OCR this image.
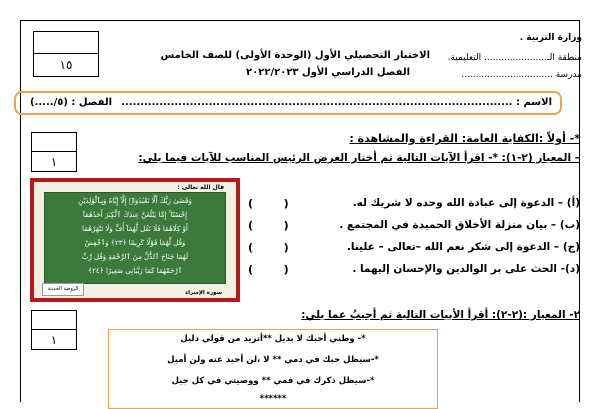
١٥
وزارة التربية .
منطقة الـ...................... التعليمية.
مدرسة ................................
الاختبار التحصيلي الأول (الوحدة الأولى) للصف الخامس
الفصل الدراسي الأول ٢٠٢٢/٢٠٢٣
الاسم : .......................................................................................................
الفصل : (٥/.....)
١
*- أولاً :الكفاية العامة: القراءة والمشاهدة :
– المعيار (٢-١): *- اقرأ الآيات التالية ثم أختار الغرض الرئيس المناسب للآيات فيما يلي:
قال الله تعالى :
وَقَضَىٰ رَبُّكَ أَلَّا تَعْبُدُوٓا۟ إِلَّآ إِيَّاهُ وَبِٱلْوَٰلِدَيْنِ
إِحْسَٰنًا ۚ إِمَّا يَبْلُغَنَّ عِندَكَ ٱلْكِبَرَ أَحَدُهُمَآ
أَوْ كِلَاهُمَا فَلَا تَقُل لَّهُمَآ أُفٍّ وَلَا تَنْهَرْهُمَا
وَقُل لَّهُمَا قَوْلًا كَرِيمًا ﴿٢٣﴾ وَٱخْفِضْ
لَهُمَا جَنَاحَ ٱلذُّلِّ مِنَ ٱلرَّحْمَةِ وَقُل رَّبِّ
ٱرْحَمْهُمَا كَمَا رَبَّيَانِى صَغِيرًا ﴿٢٤﴾
الروضة الحديثة
سورة الإسراء
(أ) – الدعوة إلى عبادة الله وحده لا شريك له.
(ب) – بيان منزلة الأخلاق الحميدة في المجتمع .
(ج) – الدعوة إلى شكر نعم الله –تعالى – علينا.
(د)- الحث على بر الوالدين والإحسان إليهما .
(        )
(        )
(        )
(        )
١
٢- المعيار :(٢-٢): أقرأ الأبيات التالية ثم أجيبُ عما يلي:
*- وطني أحبك لا بديل **أتريد من قولي دليل
*-سيظل حبك في دمي ** لا ،لن أحيد عنه ولن أميل
*-سيظل ذكرك في فمي ** ووصيتي في كل جيل
******
